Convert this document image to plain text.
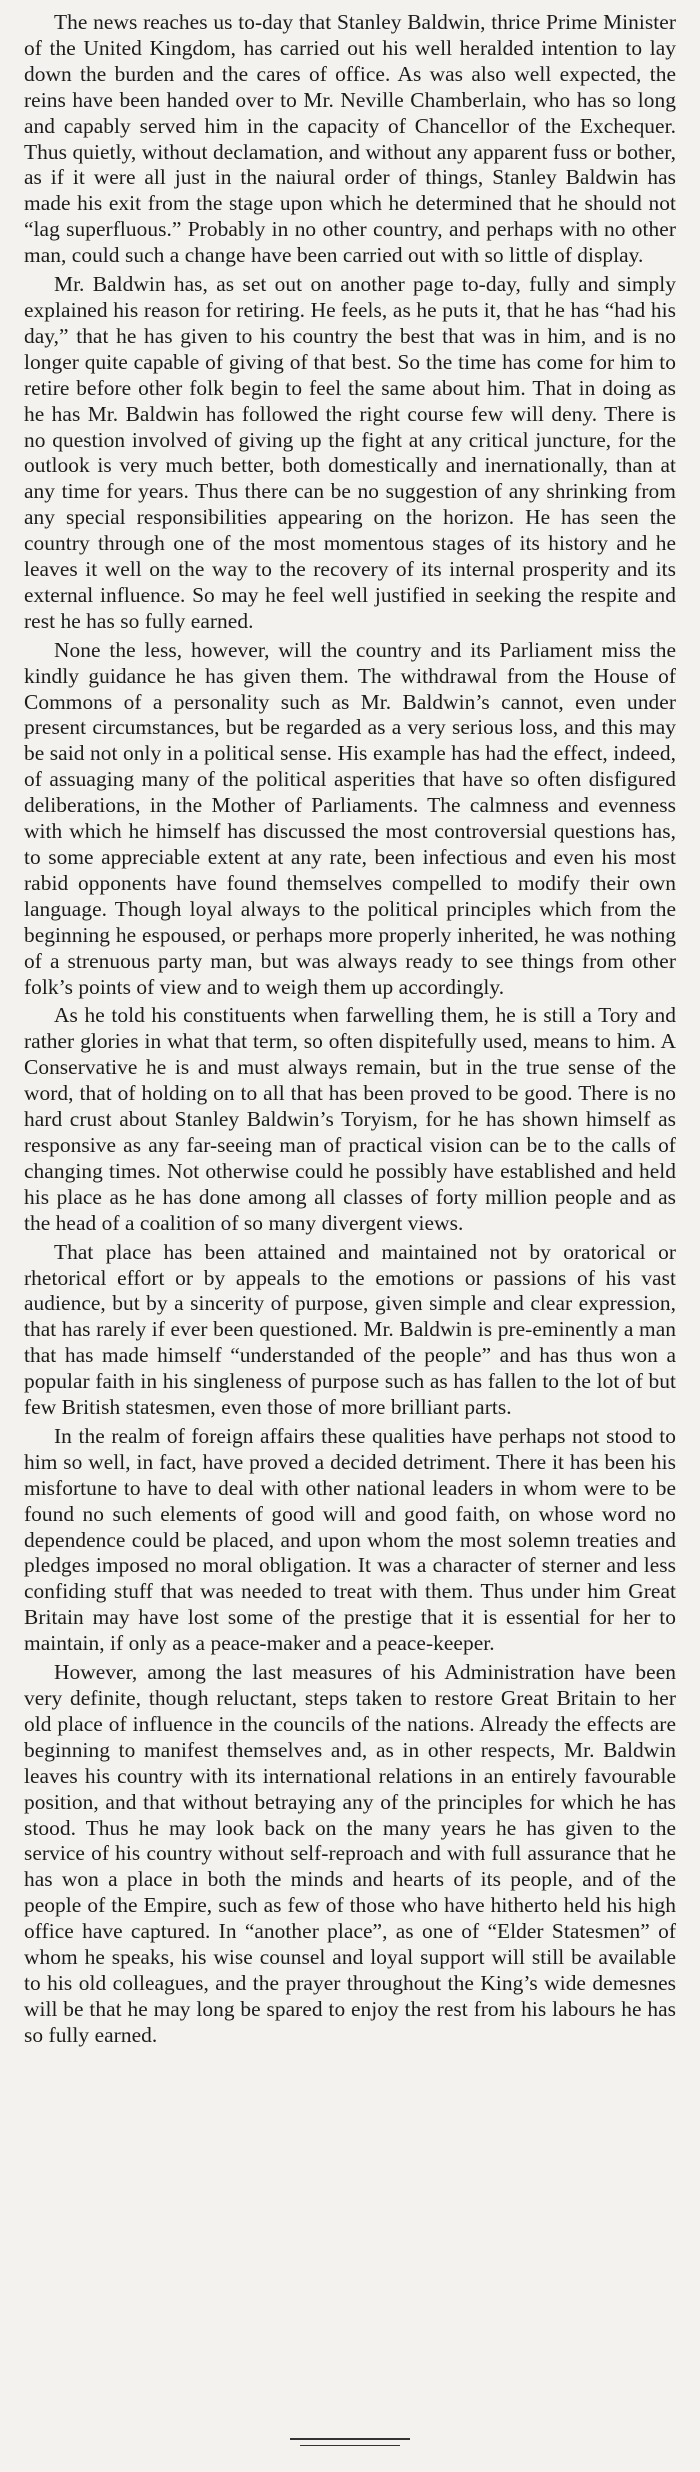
The news reaches us to-day that Stanley Baldwin, thrice Prime Minister of the United Kingdom, has carried out his well heralded intention to lay down the burden and the cares of office. As was also well expected, the reins have been handed over to Mr. Neville Chamberlain, who has so long and capably served him in the capacity of Chancellor of the Exchequer. Thus quietly, without declamation, and without any apparent fuss or bother, as if it were all just in the naiural order of things, Stanley Baldwin has made his exit from the stage upon which he determined that he should not “lag superfluous.” Probably in no other country, and perhaps with no other man, could such a change have been carried out with so little of display.

Mr. Baldwin has, as set out on another page to-day, fully and simply explained his reason for retiring. He feels, as he puts it, that he has “had his day,” that he has given to his country the best that was in him, and is no longer quite capable of giving of that best. So the time has come for him to retire before other folk begin to feel the same about him. That in doing as he has Mr. Baldwin has followed the right course few will deny. There is no question involved of giving up the fight at any critical juncture, for the outlook is very much better, both domestically and inernationally, than at any time for years. Thus there can be no suggestion of any shrinking from any special responsibilities appearing on the horizon. He has seen the country through one of the most momentous stages of its history and he leaves it well on the way to the recovery of its internal prosperity and its external influence. So may he feel well justified in seeking the respite and rest he has so fully earned.

None the less, however, will the country and its Parliament miss the kindly guidance he has given them. The withdrawal from the House of Commons of a personality such as Mr. Baldwin’s cannot, even under present circumstances, but be regarded as a very serious loss, and this may be said not only in a political sense. His example has had the effect, indeed, of assuaging many of the political asperities that have so often disfigured deliberations, in the Mother of Parliaments. The calmness and evenness with which he himself has discussed the most controversial questions has, to some appreciable extent at any rate, been infectious and even his most rabid opponents have found themselves compelled to modify their own language. Though loyal always to the political principles which from the beginning he espoused, or perhaps more properly inherited, he was nothing of a strenuous party man, but was always ready to see things from other folk’s points of view and to weigh them up accordingly.

As he told his constituents when farwelling them, he is still a Tory and rather glories in what that term, so often dispitefully used, means to him. A Conservative he is and must always remain, but in the true sense of the word, that of holding on to all that has been proved to be good. There is no hard crust about Stanley Baldwin’s Toryism, for he has shown himself as responsive as any far-seeing man of practical vision can be to the calls of changing times. Not otherwise could he possibly have established and held his place as he has done among all classes of forty million people and as the head of a coalition of so many divergent views.

That place has been attained and maintained not by oratorical or rhetorical effort or by appeals to the emotions or passions of his vast audience, but by a sincerity of purpose, given simple and clear expression, that has rarely if ever been questioned. Mr. Baldwin is pre-eminently a man that has made himself “understanded of the people” and has thus won a popular faith in his singleness of purpose such as has fallen to the lot of but few British statesmen, even those of more brilliant parts.

In the realm of foreign affairs these qualities have perhaps not stood to him so well, in fact, have proved a decided detriment. There it has been his misfortune to have to deal with other national leaders in whom were to be found no such elements of good will and good faith, on whose word no dependence could be placed, and upon whom the most solemn treaties and pledges imposed no moral obligation. It was a character of sterner and less confiding stuff that was needed to treat with them. Thus under him Great Britain may have lost some of the prestige that it is essential for her to maintain, if only as a peace-maker and a peace-keeper.

However, among the last measures of his Administration have been very definite, though reluctant, steps taken to restore Great Britain to her old place of influence in the councils of the nations. Already the effects are beginning to manifest themselves and, as in other respects, Mr. Baldwin leaves his country with its international relations in an entirely favourable position, and that without betraying any of the principles for which he has stood. Thus he may look back on the many years he has given to the service of his country without self-reproach and with full assurance that he has won a place in both the minds and hearts of its people, and of the people of the Empire, such as few of those who have hitherto held his high office have captured. In “another place”, as one of “Elder Statesmen” of whom he speaks, his wise counsel and loyal support will still be available to his old colleagues, and the prayer throughout the King’s wide demesnes will be that he may long be spared to enjoy the rest from his labours he has so fully earned.
